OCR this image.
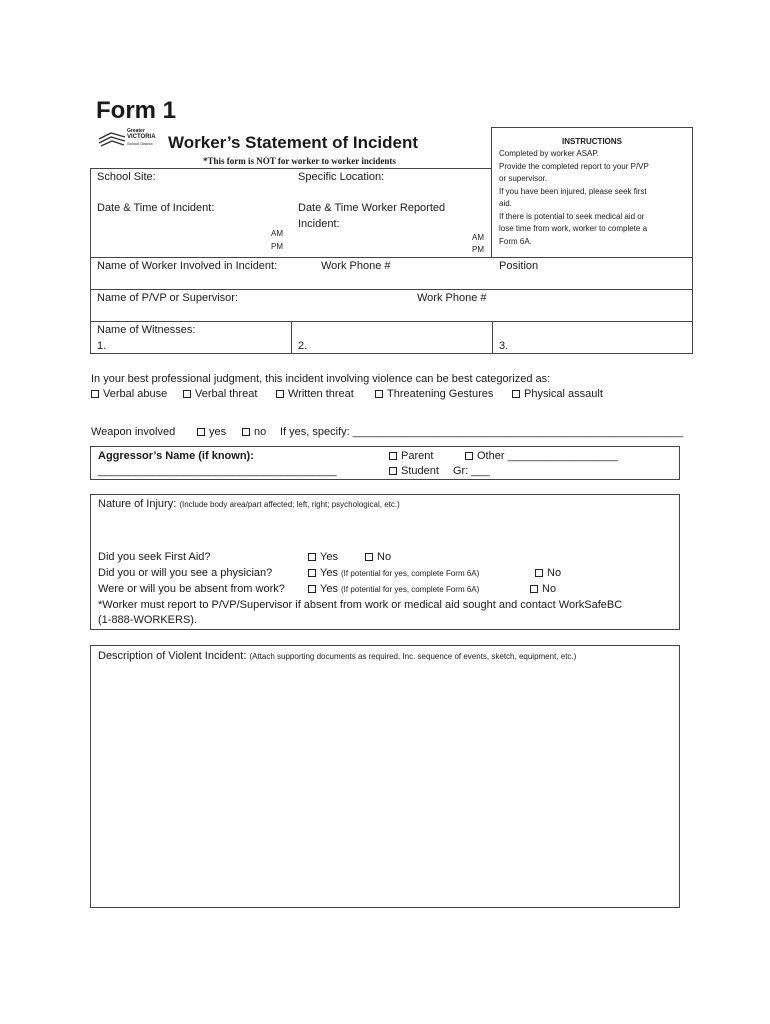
Form 1
Greater
VICTORIA
School District Worker’s Statement of Incident
*This form is NOT for worker to worker incidents
INSTRUCTIONS
Completed by worker ASAP.
Provide the completed report to your P/VP
or supervisor.
If you have been injured, please seek first
aid.
If there is potential to seek medical aid or
lose time from work, worker to complete a
Form 6A.
School Site:	Specific Location:
Date & Time of Incident:
AM
PM
Date & Time Worker Reported
Incident:
AM
PM
Name of Worker Involved in Incident:	Work Phone #	Position
Name of P/VP or Supervisor:	Work Phone #
Name of Witnesses:
1.	2.	3.
In your best professional judgment, this incident involving violence can be best categorized as:
Verbal abuse	Verbal threat	Written threat	Threatening Gestures	Physical assault
Weapon involved	yes	no If yes, specify: ______________________________________________________
Aggressor’s Name (if known):
_______________________________________
Parent	Other __________________
Student Gr: ___
Nature of Injury: (Include body area/part affected; left, right; psychological, etc.)
Did you seek First Aid?	Yes	No
Did you or will you see a physician?	Yes (If potential for yes, complete Form 6A)	No
Were or will you be absent from work?	Yes (If potential for yes, complete Form 6A)	No
*Worker must report to P/VP/Supervisor if absent from work or medical aid sought and contact WorkSafeBC
(1-888-WORKERS).
Description of Violent Incident: (Attach supporting documents as required. Inc. sequence of events, sketch, equipment, etc.)
